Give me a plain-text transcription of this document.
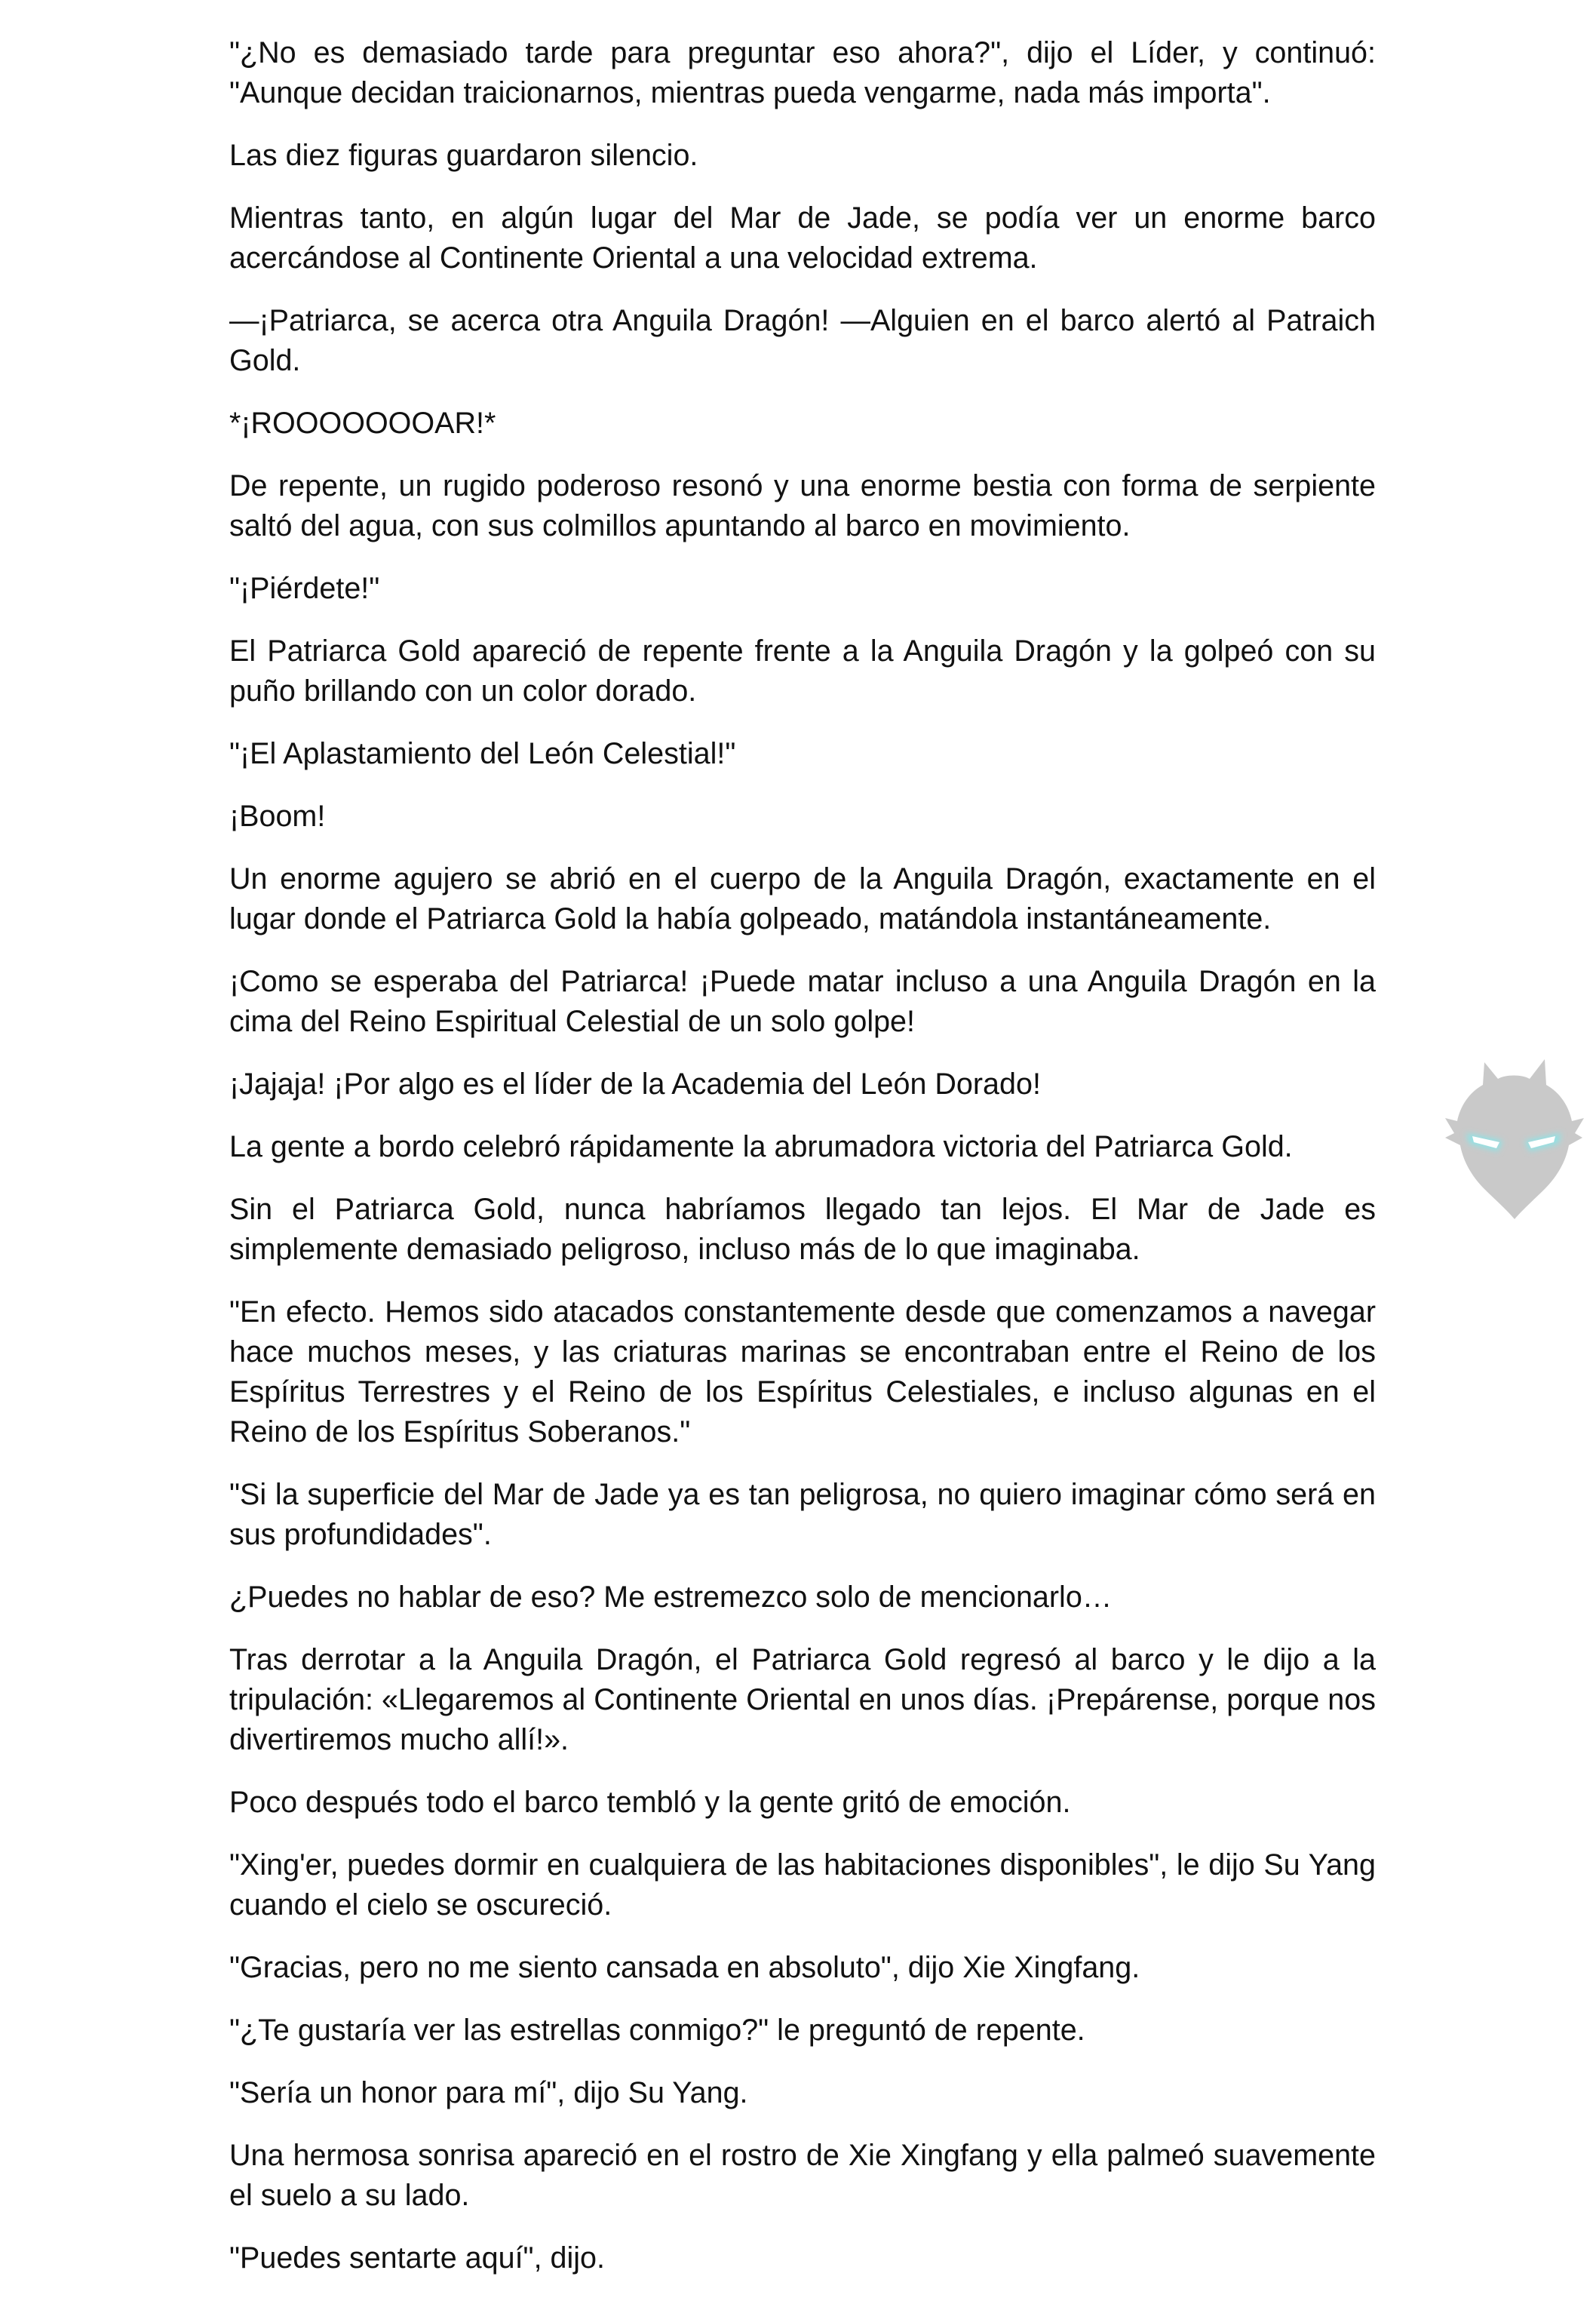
"¿No es demasiado tarde para preguntar eso ahora?", dijo el Líder, y continuó: "Aunque decidan traicionarnos, mientras pueda vengarme, nada más importa".

Las diez figuras guardaron silencio.

Mientras tanto, en algún lugar del Mar de Jade, se podía ver un enorme barco acercándose al Continente Oriental a una velocidad extrema.

—¡Patriarca, se acerca otra Anguila Dragón! —Alguien en el barco alertó al Patraich Gold.

*¡ROOOOOOOAR!*

De repente, un rugido poderoso resonó y una enorme bestia con forma de serpiente saltó del agua, con sus colmillos apuntando al barco en movimiento.

"¡Piérdete!"

El Patriarca Gold apareció de repente frente a la Anguila Dragón y la golpeó con su puño brillando con un color dorado.

"¡El Aplastamiento del León Celestial!"

¡Boom!

Un enorme agujero se abrió en el cuerpo de la Anguila Dragón, exactamente en el lugar donde el Patriarca Gold la había golpeado, matándola instantáneamente.

¡Como se esperaba del Patriarca! ¡Puede matar incluso a una Anguila Dragón en la cima del Reino Espiritual Celestial de un solo golpe!

¡Jajaja! ¡Por algo es el líder de la Academia del León Dorado!

La gente a bordo celebró rápidamente la abrumadora victoria del Patriarca Gold.

Sin el Patriarca Gold, nunca habríamos llegado tan lejos. El Mar de Jade es simplemente demasiado peligroso, incluso más de lo que imaginaba.

"En efecto. Hemos sido atacados constantemente desde que comenzamos a navegar hace muchos meses, y las criaturas marinas se encontraban entre el Reino de los Espíritus Terrestres y el Reino de los Espíritus Celestiales, e incluso algunas en el Reino de los Espíritus Soberanos."

"Si la superficie del Mar de Jade ya es tan peligrosa, no quiero imaginar cómo será en sus profundidades".

¿Puedes no hablar de eso? Me estremezco solo de mencionarlo…

Tras derrotar a la Anguila Dragón, el Patriarca Gold regresó al barco y le dijo a la tripulación: «Llegaremos al Continente Oriental en unos días. ¡Prepárense, porque nos divertiremos mucho allí!».

Poco después todo el barco tembló y la gente gritó de emoción.

"Xing'er, puedes dormir en cualquiera de las habitaciones disponibles", le dijo Su Yang cuando el cielo se oscureció.

"Gracias, pero no me siento cansada en absoluto", dijo Xie Xingfang.

"¿Te gustaría ver las estrellas conmigo?" le preguntó de repente.

"Sería un honor para mí", dijo Su Yang.

Una hermosa sonrisa apareció en el rostro de Xie Xingfang y ella palmeó suavemente el suelo a su lado.

"Puedes sentarte aquí", dijo.
